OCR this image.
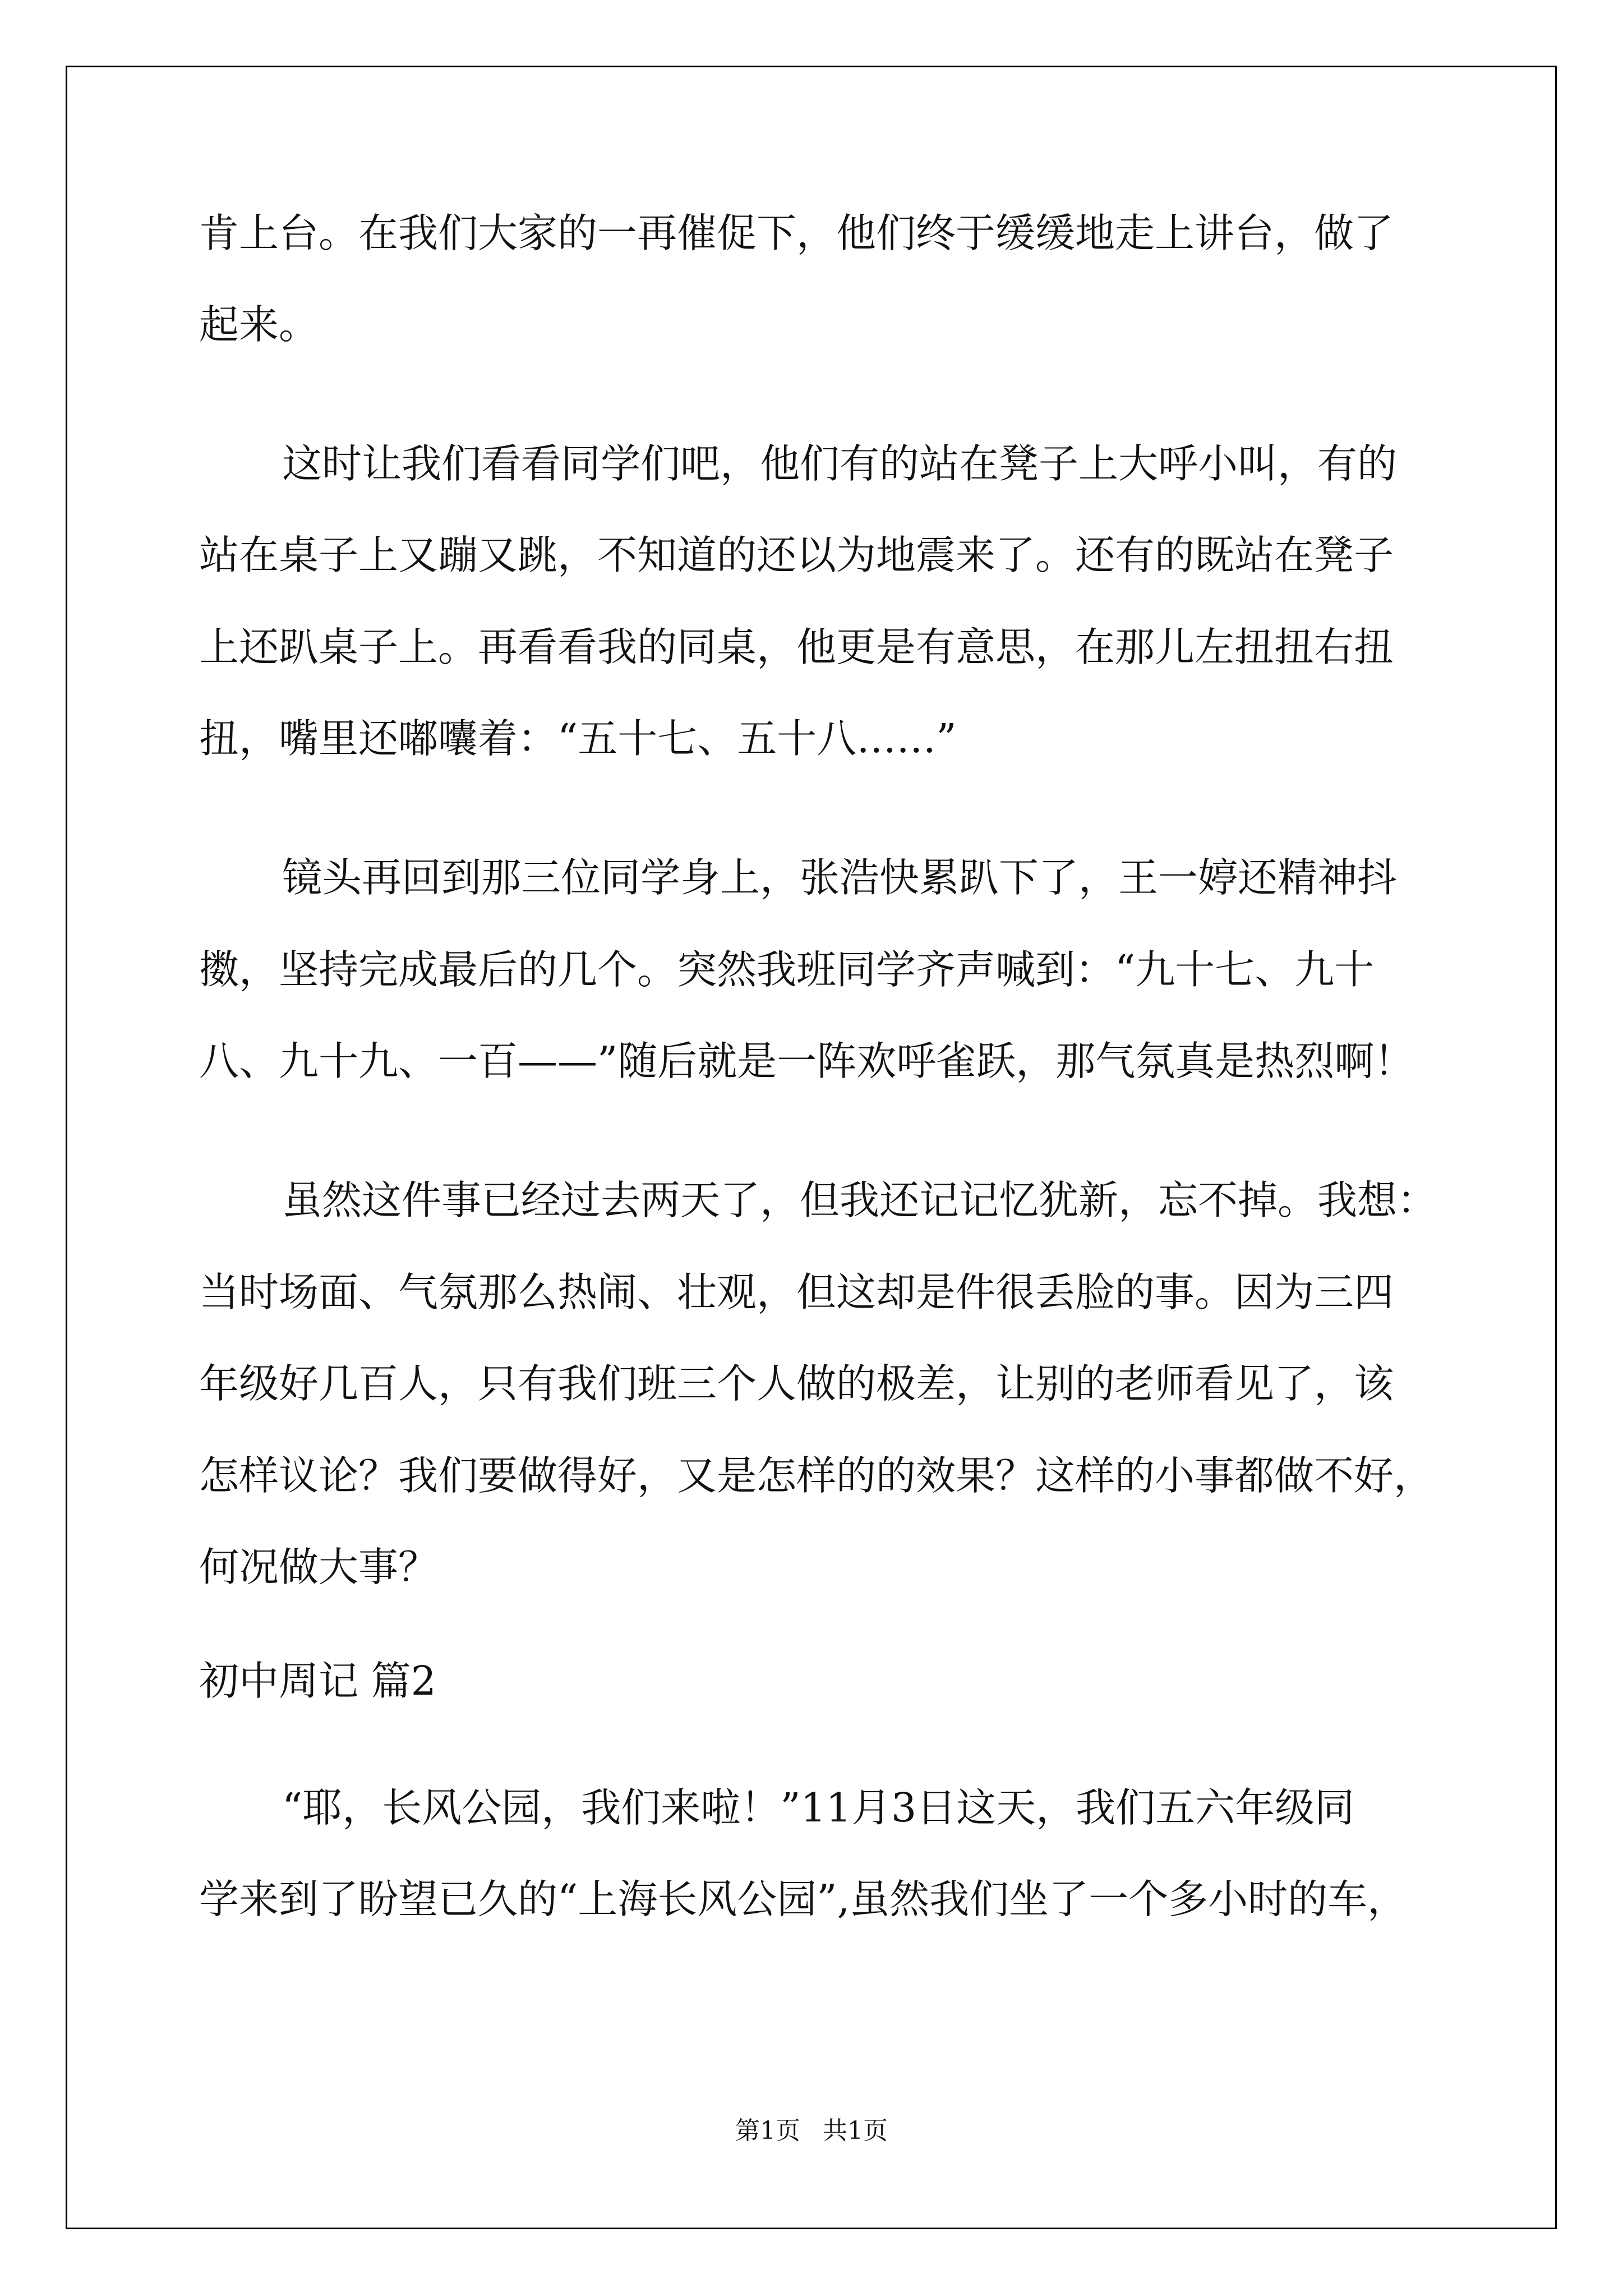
肯上台。在我们大家的一再催促下，他们终于缓缓地走上讲台，做了
起来。
这时让我们看看同学们吧，他们有的站在凳子上大呼小叫，有的
站在桌子上又蹦又跳，不知道的还以为地震来了。还有的既站在凳子
上还趴桌子上。再看看我的同桌，他更是有意思，在那儿左扭扭右扭
扭，嘴里还嘟囔着：“五十七、五十八……”
镜头再回到那三位同学身上，张浩快累趴下了，王一婷还精神抖
擞，坚持完成最后的几个。突然我班同学齐声喊到：“九十七、九十
八、九十九、一百——”随后就是一阵欢呼雀跃，那气氛真是热烈啊！
虽然这件事已经过去两天了，但我还记记忆犹新，忘不掉。我想：
当时场面、气氛那么热闹、壮观，但这却是件很丢脸的事。因为三四
年级好几百人，只有我们班三个人做的极差，让别的老师看见了，该
怎样议论？我们要做得好，又是怎样的的效果？这样的小事都做不好，
何况做大事？
初中周记 篇2
“耶，长风公园，我们来啦！”11月3日这天，我们五六年级同
学来到了盼望已久的“上海长风公园”,虽然我们坐了一个多小时的车，
第1页 共1页
